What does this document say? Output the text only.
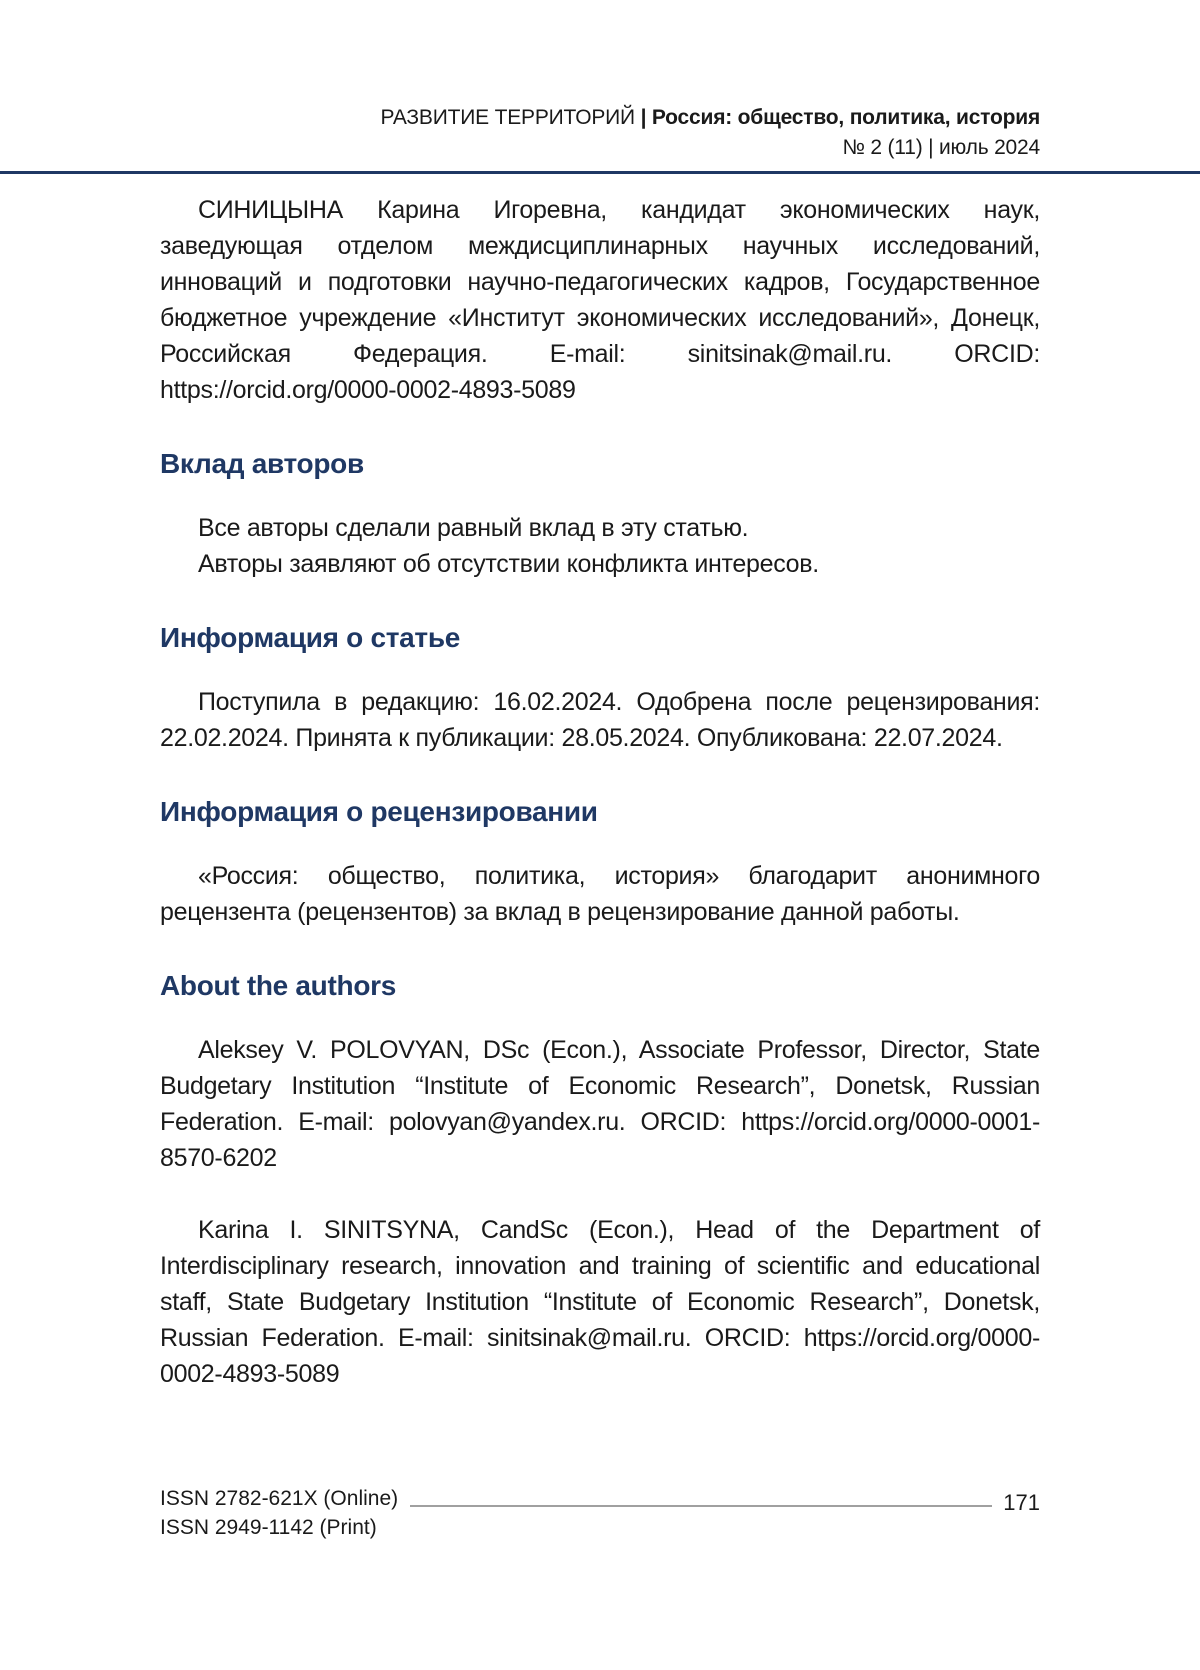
РАЗВИТИЕ ТЕРРИТОРИЙ | Россия: общество, политика, история
№ 2 (11) | июль 2024

СИНИЦЫНА Карина Игоревна, кандидат экономических наук, заведующая отделом междисциплинарных научных исследований, инноваций и подготовки научно-педагогических кадров, Государственное бюджетное учреждение «Институт экономических исследований», Донецк, Российская Федерация. E-mail: sinitsinak@mail.ru. ORCID: https://orcid.org/0000-0002-4893-5089

Вклад авторов

Все авторы сделали равный вклад в эту статью.

Авторы заявляют об отсутствии конфликта интересов.

Информация о статье

Поступила в редакцию: 16.02.2024. Одобрена после рецензирования: 22.02.2024. Принята к публикации: 28.05.2024. Опубликована: 22.07.2024.

Информация о рецензировании

«Россия: общество, политика, история» благодарит анонимного рецензента (рецензентов) за вклад в рецензирование данной работы.

About the authors

Aleksey V. POLOVYAN, DSc (Econ.), Associate Professor, Director, State Budgetary Institution “Institute of Economic Research”, Donetsk, Russian Federation. E-mail: polovyan@yandex.ru. ORCID: https://orcid.org/0000-0001-8570-6202

Karina I. SINITSYNA, CandSc (Econ.), Head of the Department of Interdisciplinary research, innovation and training of scientific and educational staff, State Budgetary Institution “Institute of Economic Research”, Donetsk, Russian Federation. E-mail: sinitsinak@mail.ru. ORCID: https://orcid.org/0000-0002-4893-5089

ISSN 2782-621X (Online)
ISSN 2949-1142 (Print)
171
